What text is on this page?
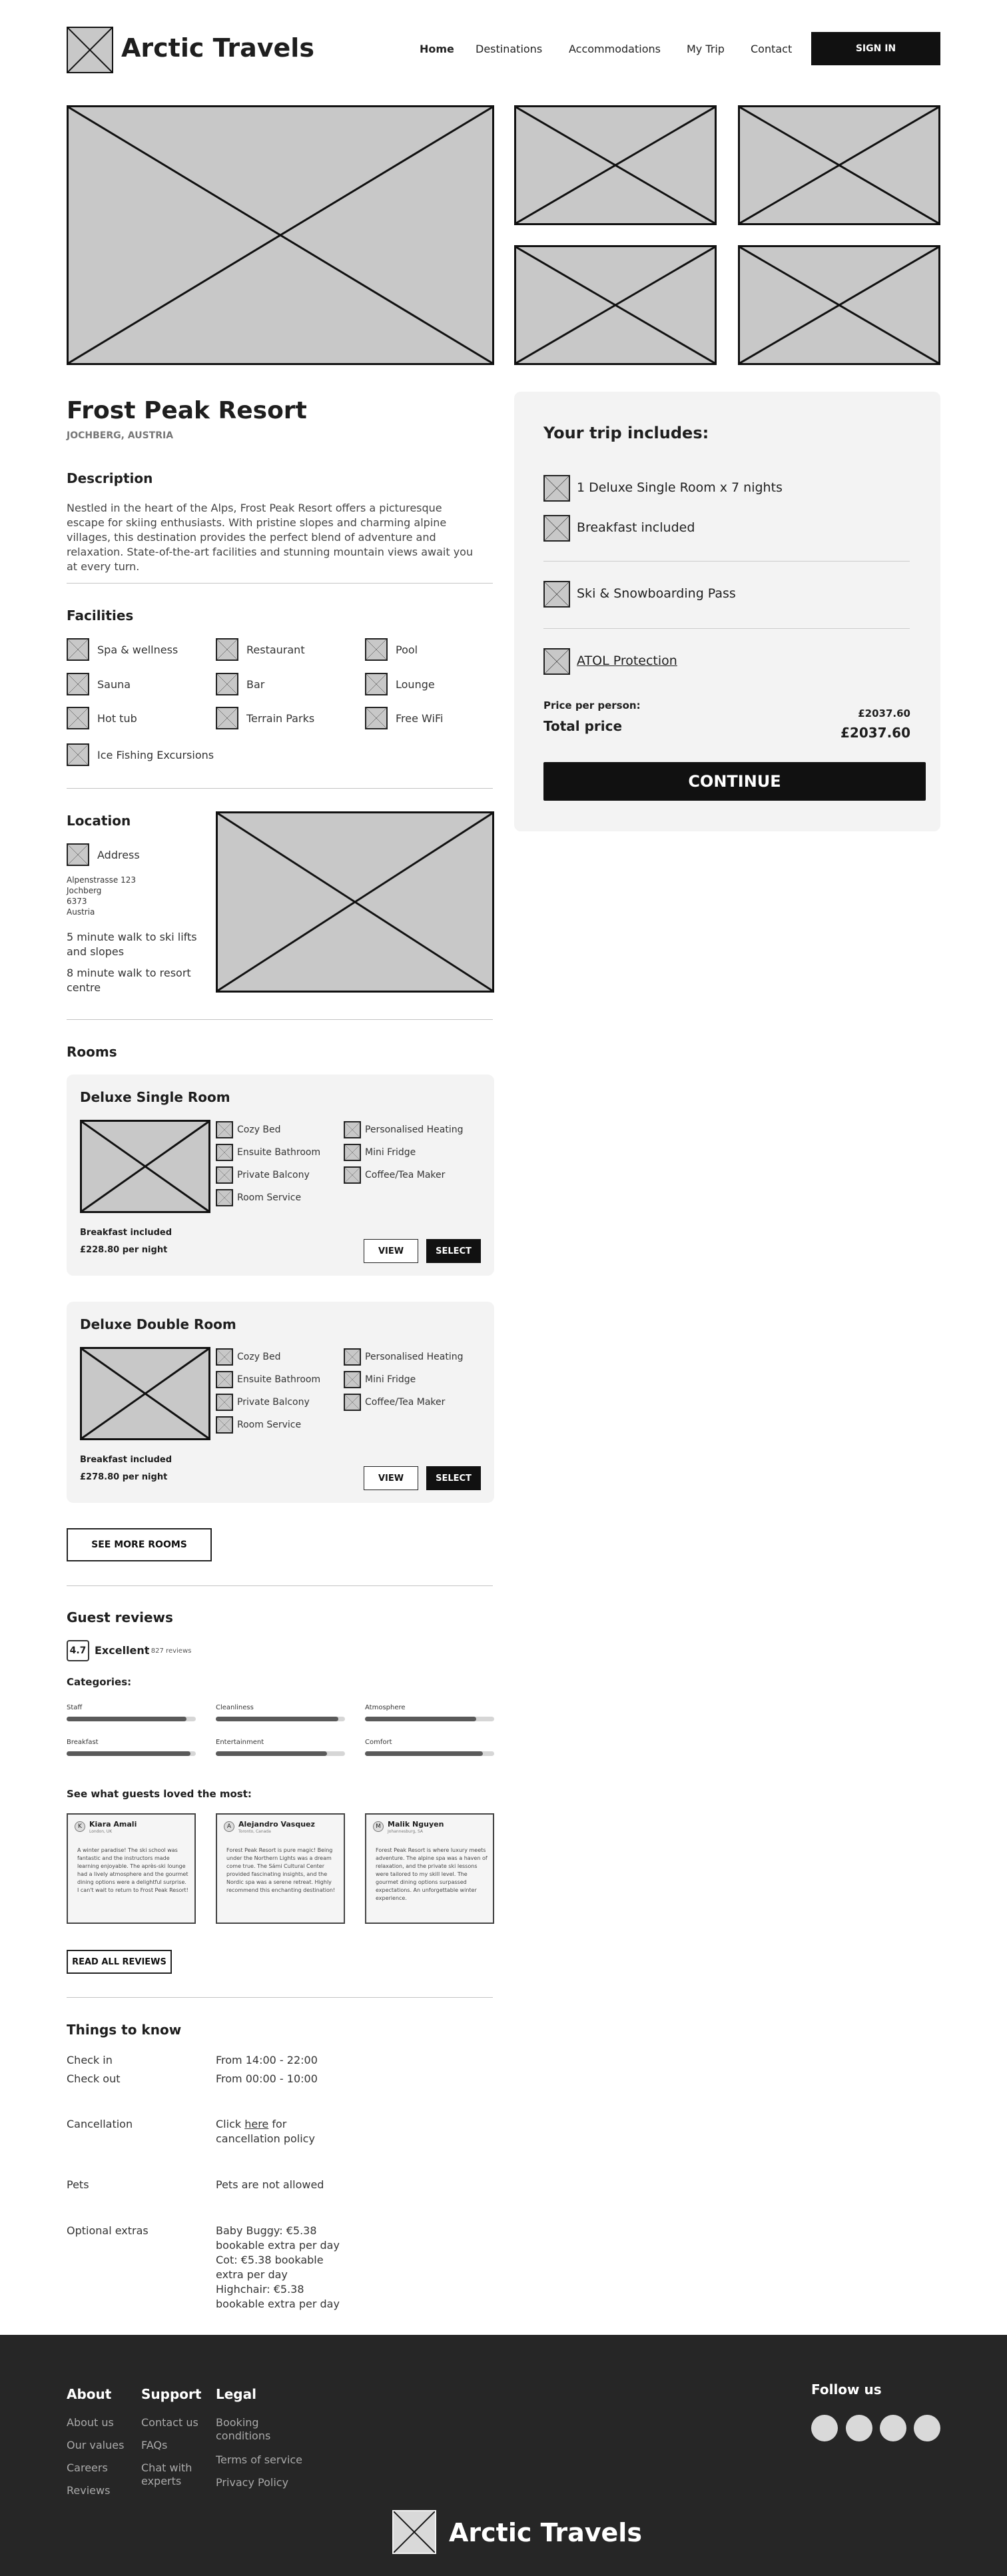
Arctic Travels	Home Destinations Accommodations My Trip Contact	SIGN IN
Frost Peak Resort
JOCHBERG, AUSTRIA
Description
Nestled in the heart of the Alps, Frost Peak Resort offers a picturesque escape for skiing enthusiasts. With pristine slopes and charming alpine villages, this destination provides the perfect blend of adventure and relaxation. State-of-the-art facilities and stunning mountain views await you at every turn.
Facilities
Spa & wellness	Restaurant	Pool
Sauna	Bar	Lounge
Hot tub	Terrain Parks	Free WiFi
Ice Fishing Excursions
Location
Address
Alpenstrasse 123
Jochberg
6373
Austria
5 minute walk to ski lifts and slopes
8 minute walk to resort centre
Rooms
Deluxe Single Room
Cozy Bed
Ensuite Bathroom
Private Balcony
Room Service
Personalised Heating
Mini Fridge
Coffee/Tea Maker
Breakfast included
£228.80 per night	VIEW	SELECT
Deluxe Double Room
Cozy Bed
Ensuite Bathroom
Private Balcony
Room Service
Personalised Heating
Mini Fridge
Coffee/Tea Maker
Breakfast included
£278.80 per night	VIEW	SELECT
SEE MORE ROOMS
Guest reviews
4.7 Excellent
- 827 reviews
Categories:
Staff	Cleanliness	Atmosphere
Breakfast	Entertainment	Comfort
See what guests loved the most:
K	Kiara Amali
London, UK
A winter paradise! The ski school was fantastic and the instructors made learning enjoyable. The après-ski lounge had a lively atmosphere and the gourmet dining options were a delightful surprise. I can't wait to return to Frost Peak Resort!
A Alejandro Vasquez
Toronto, Canada
Forest Peak Resort is pure magic! Being under the Northern Lights was a dream come true. The Sámi Cultural Center provided fascinating insights, and the Nordic spa was a serene retreat. Highly recommend this enchanting destination!
M Malik Nguyen
Johannesburg, SA
Forest Peak Resort is where luxury meets adventure. The alpine spa was a haven of relaxation, and the private ski lessons were tailored to my skill level. The gourmet dining options surpassed expectations. An unforgettable winter experience.
READ ALL REVIEWS
Things to know
Check in	From 14:00 - 22:00
Check out	From 00:00 - 10:00
Cancellation	Click here for
cancellation policy
Pets	Pets are not allowed
Optional extras	Baby Buggy: €5.38
bookable extra per day
Cot: €5.38 bookable
extra per day
Highchair: €5.38
bookable extra per day
Your trip includes:
1 Deluxe Single Room x 7 nights
Breakfast included
Ski & Snowboarding Pass
ATOL Protection
Price per person:
£2037.60
Total price	£2037.60
CONTINUE
About
About us
Our values
Careers
Reviews
Support
Contact us
FAQs
Chat with
experts
Legal
Booking
conditions
Terms of service
Privacy Policy
Follow us
Arctic Travels
